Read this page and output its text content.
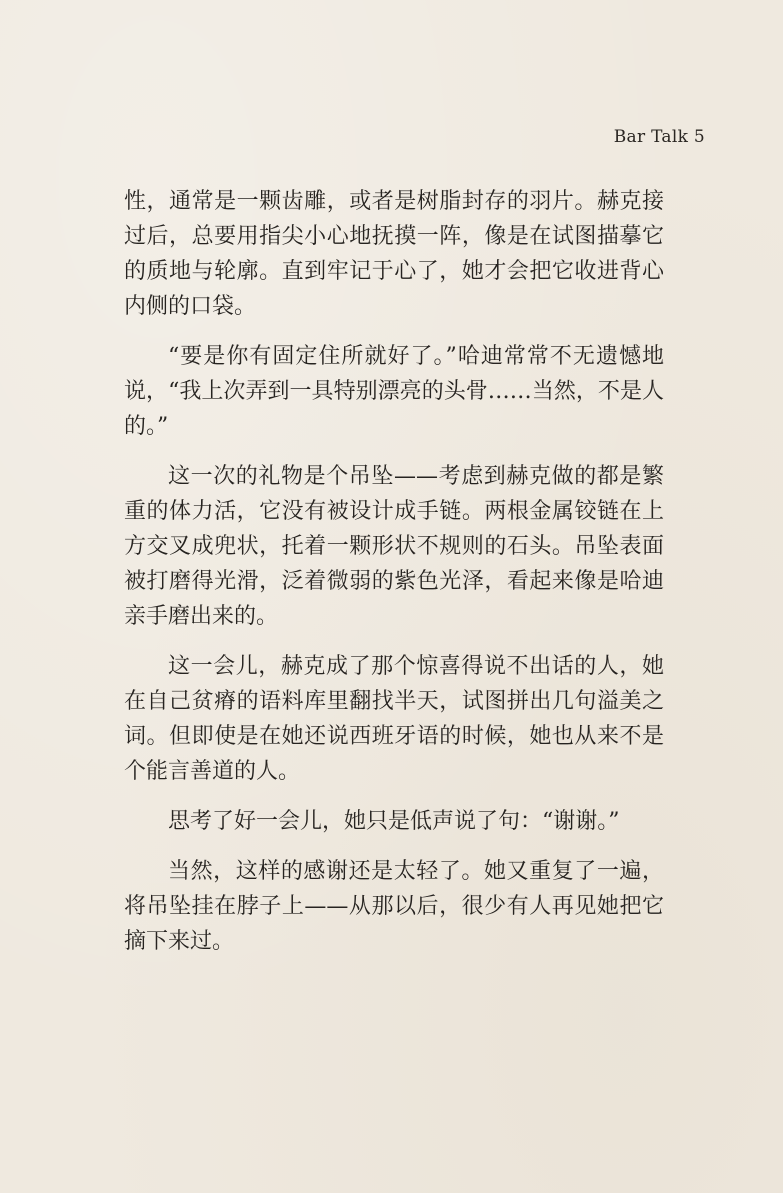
Bar Talk 5

性，通常是一颗齿雕，或者是树脂封存的羽片。赫克接过后，总要用指尖小心地抚摸一阵，像是在试图描摹它的质地与轮廓。直到牢记于心了，她才会把它收进背心内侧的口袋。

“要是你有固定住所就好了。”哈迪常常不无遗憾地说，“我上次弄到一具特别漂亮的头骨……当然，不是人的。”

这一次的礼物是个吊坠——考虑到赫克做的都是繁重的体力活，它没有被设计成手链。两根金属铰链在上方交叉成兜状，托着一颗形状不规则的石头。吊坠表面被打磨得光滑，泛着微弱的紫色光泽，看起来像是哈迪亲手磨出来的。

这一会儿，赫克成了那个惊喜得说不出话的人，她在自己贫瘠的语料库里翻找半天，试图拼出几句溢美之词。但即使是在她还说西班牙语的时候，她也从来不是个能言善道的人。

思考了好一会儿，她只是低声说了句：“谢谢。”

当然，这样的感谢还是太轻了。她又重复了一遍，将吊坠挂在脖子上——从那以后，很少有人再见她把它摘下来过。
